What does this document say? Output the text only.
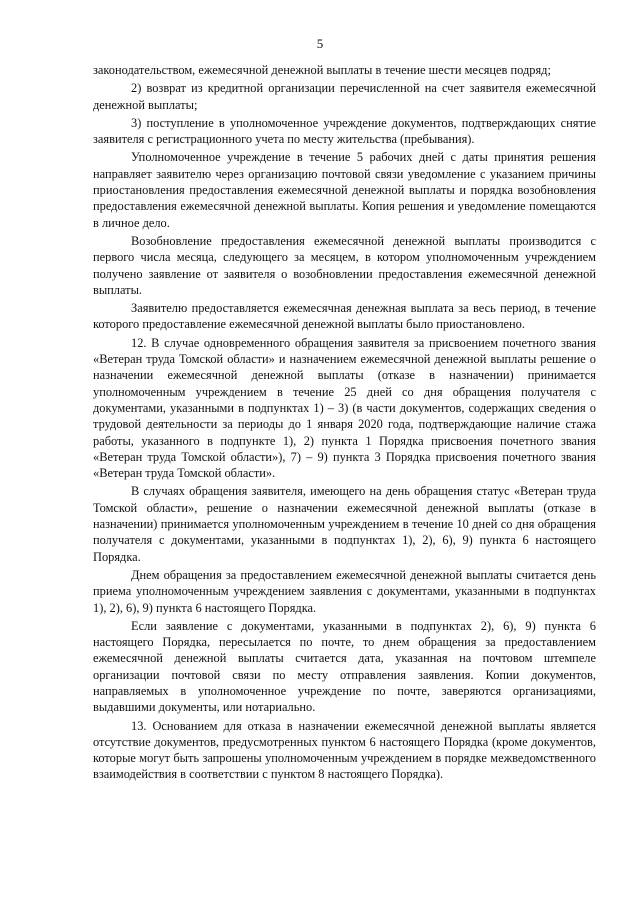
5

законодательством, ежемесячной денежной выплаты в течение шести месяцев подряд;

2) возврат из кредитной организации перечисленной на счет заявителя ежемесячной денежной выплаты;

3) поступление в уполномоченное учреждение документов, подтверждающих снятие заявителя с регистрационного учета по месту жительства (пребывания).

Уполномоченное учреждение в течение 5 рабочих дней с даты принятия решения направляет заявителю через организацию почтовой связи уведомление с указанием причины приостановления предоставления ежемесячной денежной выплаты и порядка возобновления предоставления ежемесячной денежной выплаты. Копия решения и уведомление помещаются в личное дело.

Возобновление предоставления ежемесячной денежной выплаты производится с первого числа месяца, следующего за месяцем, в котором уполномоченным учреждением получено заявление от заявителя о возобновлении предоставления ежемесячной денежной выплаты.

Заявителю предоставляется ежемесячная денежная выплата за весь период, в течение которого предоставление ежемесячной денежной выплаты было приостановлено.

12. В случае одновременного обращения заявителя за присвоением почетного звания «Ветеран труда Томской области» и назначением ежемесячной денежной выплаты решение о назначении ежемесячной денежной выплаты (отказе в назначении) принимается уполномоченным учреждением в течение 25 дней со дня обращения получателя с документами, указанными в подпунктах 1) – 3) (в части документов, содержащих сведения о трудовой деятельности за периоды до 1 января 2020 года, подтверждающие наличие стажа работы, указанного в подпункте 1), 2) пункта 1 Порядка присвоения почетного звания «Ветеран труда Томской области»), 7) – 9) пункта 3 Порядка присвоения почетного звания «Ветеран труда Томской области».

В случаях обращения заявителя, имеющего на день обращения статус «Ветеран труда Томской области», решение о назначении ежемесячной денежной выплаты (отказе в назначении) принимается уполномоченным учреждением в течение 10 дней со дня обращения получателя с документами, указанными в подпунктах 1), 2), 6), 9) пункта 6 настоящего Порядка.

Днем обращения за предоставлением ежемесячной денежной выплаты считается день приема уполномоченным учреждением заявления с документами, указанными в подпунктах 1), 2), 6), 9) пункта 6 настоящего Порядка.

Если заявление с документами, указанными в подпунктах 2), 6), 9) пункта 6 настоящего Порядка, пересылается по почте, то днем обращения за предоставлением ежемесячной денежной выплаты считается дата, указанная на почтовом штемпеле организации почтовой связи по месту отправления заявления. Копии документов, направляемых в уполномоченное учреждение по почте, заверяются организациями, выдавшими документы, или нотариально.

13. Основанием для отказа в назначении ежемесячной денежной выплаты является отсутствие документов, предусмотренных пунктом 6 настоящего Порядка (кроме документов, которые могут быть запрошены уполномоченным учреждением в порядке межведомственного взаимодействия в соответствии с пунктом 8 настоящего Порядка).
